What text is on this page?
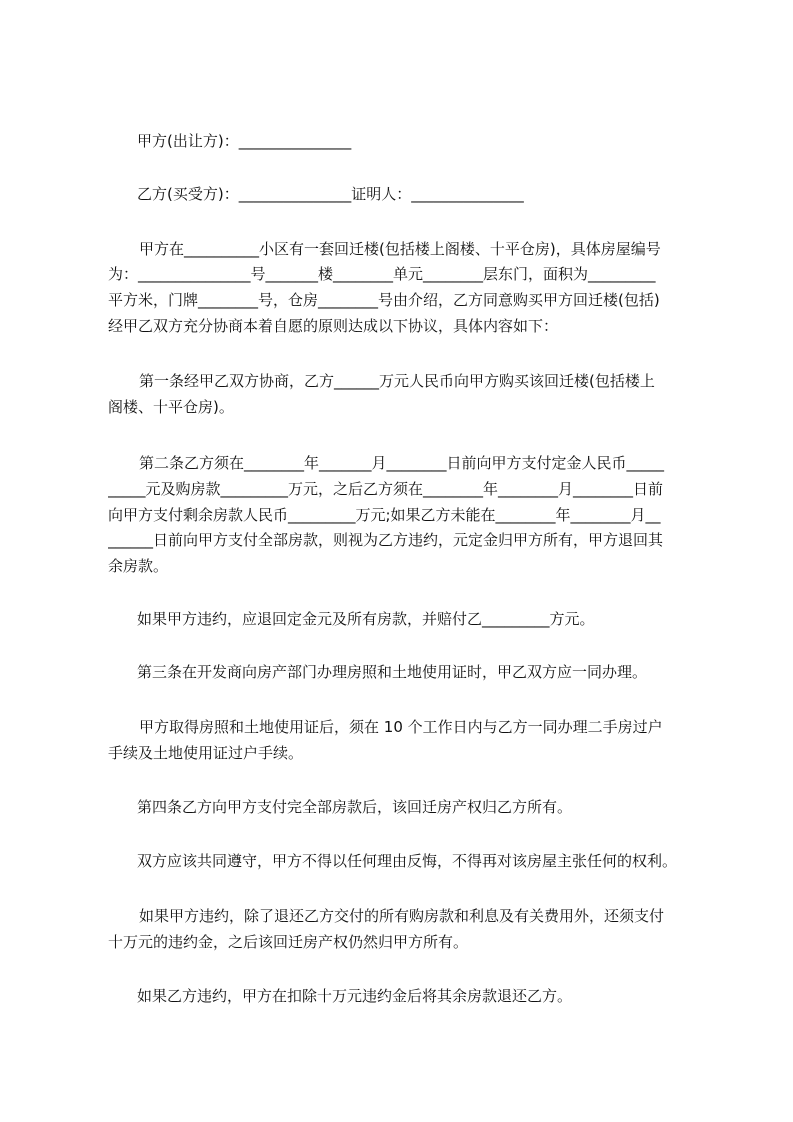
甲方(出让方)：_______________
乙方(买受方)：_______________证明人：_______________
甲方在__________小区有一套回迁楼(包括楼上阁楼、十平仓房)，具体房屋编号
为：_______________号_______楼________单元________层东门，面积为_________
平方米，门牌________号，仓房________号由介绍，乙方同意购买甲方回迁楼(包括)
经甲乙双方充分协商本着自愿的原则达成以下协议，具体内容如下：
第一条经甲乙双方协商，乙方______万元人民币向甲方购买该回迁楼(包括楼上
阁楼、十平仓房)。
第二条乙方须在________年_______月________日前向甲方支付定金人民币_____
_____元及购房款_________万元，之后乙方须在________年________月________日前
向甲方支付剩余房款人民币_________万元;如果乙方未能在________年________月__
______日前向甲方支付全部房款，则视为乙方违约，元定金归甲方所有，甲方退回其
余房款。
如果甲方违约，应退回定金元及所有房款，并赔付乙_________方元。
第三条在开发商向房产部门办理房照和土地使用证时，甲乙双方应一同办理。
甲方取得房照和土地使用证后，须在 10 个工作日内与乙方一同办理二手房过户
手续及土地使用证过户手续。
第四条乙方向甲方支付完全部房款后，该回迁房产权归乙方所有。
双方应该共同遵守，甲方不得以任何理由反悔，不得再对该房屋主张任何的权利。
如果甲方违约，除了退还乙方交付的所有购房款和利息及有关费用外，还须支付
十万元的违约金，之后该回迁房产权仍然归甲方所有。
如果乙方违约，甲方在扣除十万元违约金后将其余房款退还乙方。
